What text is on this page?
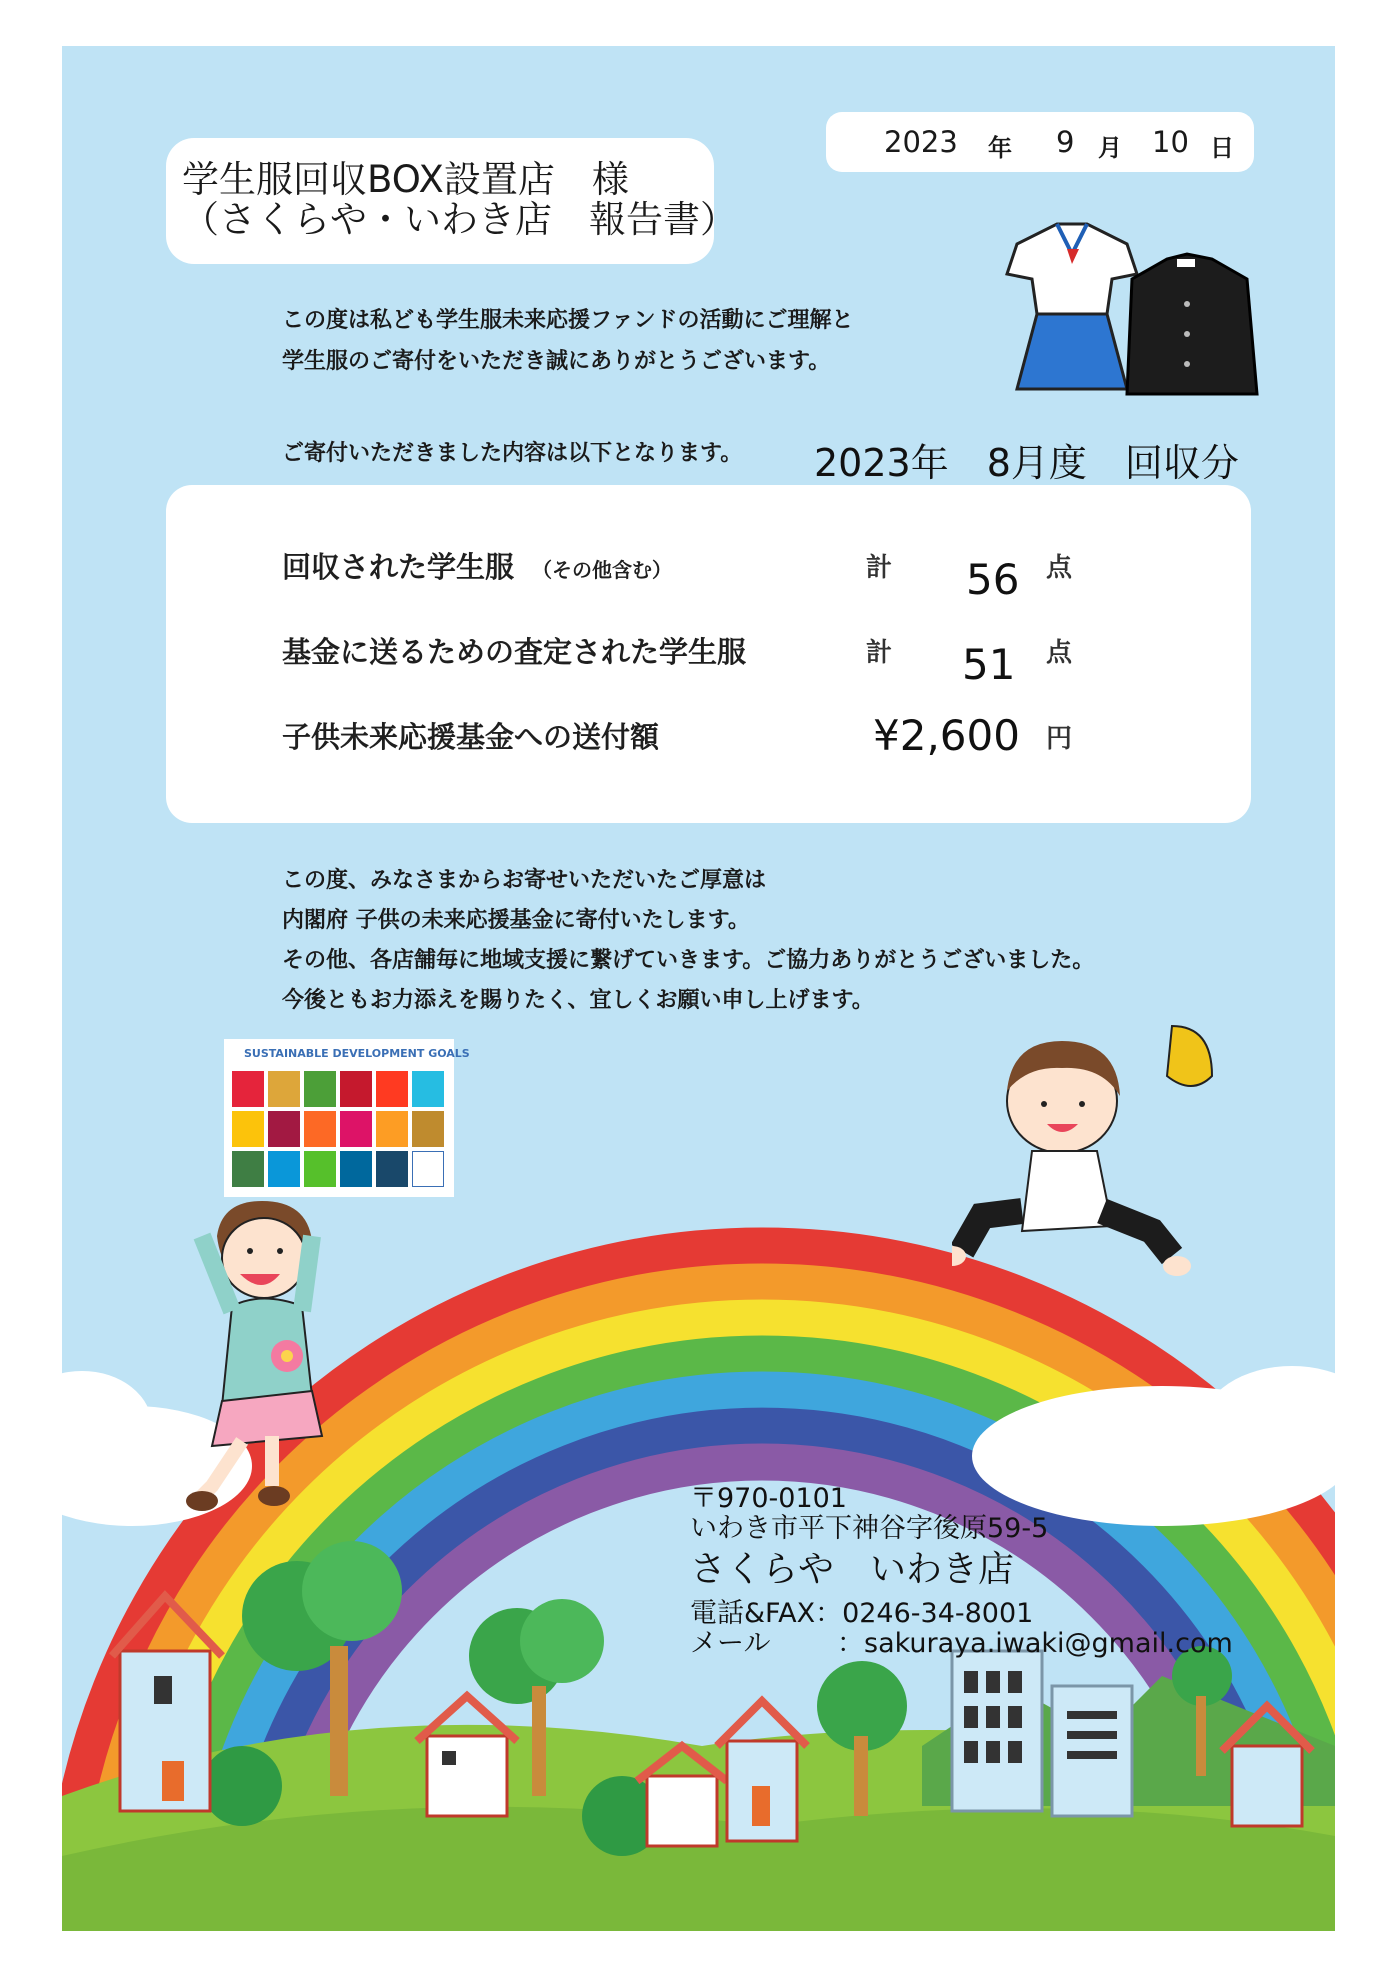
学生服回収BOX設置店　様
（さくらや・いわき店　報告書）
2023 年 9 月 10 日
この度は私ども学生服未来応援ファンドの活動にご理解と
学生服のご寄付をいただき誠にありがとうございます。
ご寄付いただきました内容は以下となります。 2023年　8月度　回収分
回収された学生服 （その他含む）	計 56 点
基金に送るための査定された学生服	計 51 点
子供未来応援基金への送付額	¥2,600 円
この度、みなさまからお寄せいただいたご厚意は
内閣府 子供の未来応援基金に寄付いたします。
その他、各店舗毎に地域支援に繋げていきます。ご協力ありがとうございました。
今後ともお力添えを賜りたく、宜しくお願い申し上げます。
SUSTAINABLE DEVELOPMENT GOALS
〒970-0101
いわき市平下神谷字後原59-5
さくらや　いわき店
電話&FAX：0246-34-8001
メール ：sakuraya.iwaki@gmail.com
